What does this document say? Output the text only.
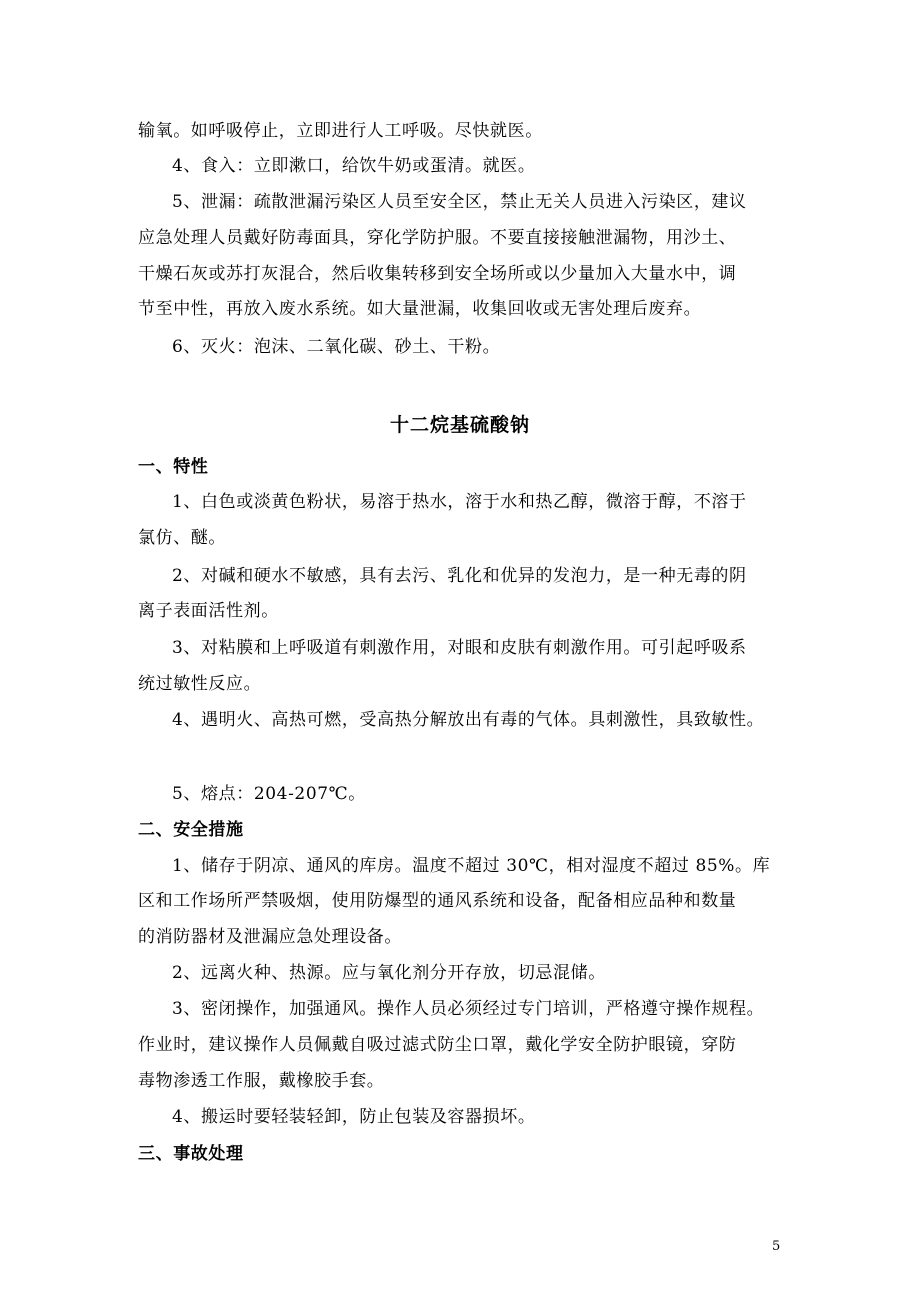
输氧。如呼吸停止，立即进行人工呼吸。尽快就医。
4、食入：立即漱口，给饮牛奶或蛋清。就医。
5、泄漏：疏散泄漏污染区人员至安全区，禁止无关人员进入污染区，建议
应急处理人员戴好防毒面具，穿化学防护服。不要直接接触泄漏物，用沙土、
干燥石灰或苏打灰混合，然后收集转移到安全场所或以少量加入大量水中，调
节至中性，再放入废水系统。如大量泄漏，收集回收或无害处理后废弃。
6、灭火：泡沫、二氧化碳、砂土、干粉。
十二烷基硫酸钠
一、特性
1、白色或淡黄色粉状，易溶于热水，溶于水和热乙醇，微溶于醇，不溶于
氯仿、醚。
2、对碱和硬水不敏感，具有去污、乳化和优异的发泡力，是一种无毒的阴
离子表面活性剂。
3、对粘膜和上呼吸道有刺激作用，对眼和皮肤有刺激作用。可引起呼吸系
统过敏性反应。
4、遇明火、高热可燃，受高热分解放出有毒的气体。具刺激性，具致敏性。
5、熔点：204-207℃。
二、安全措施
1、储存于阴凉、通风的库房。温度不超过 30℃，相对湿度不超过 85%。库
区和工作场所严禁吸烟，使用防爆型的通风系统和设备，配备相应品种和数量
的消防器材及泄漏应急处理设备。
2、远离火种、热源。应与氧化剂分开存放，切忌混储。
3、密闭操作，加强通风。操作人员必须经过专门培训，严格遵守操作规程。
作业时，建议操作人员佩戴自吸过滤式防尘口罩，戴化学安全防护眼镜，穿防
毒物渗透工作服，戴橡胶手套。
4、搬运时要轻装轻卸，防止包装及容器损坏。
三、事故处理
5
